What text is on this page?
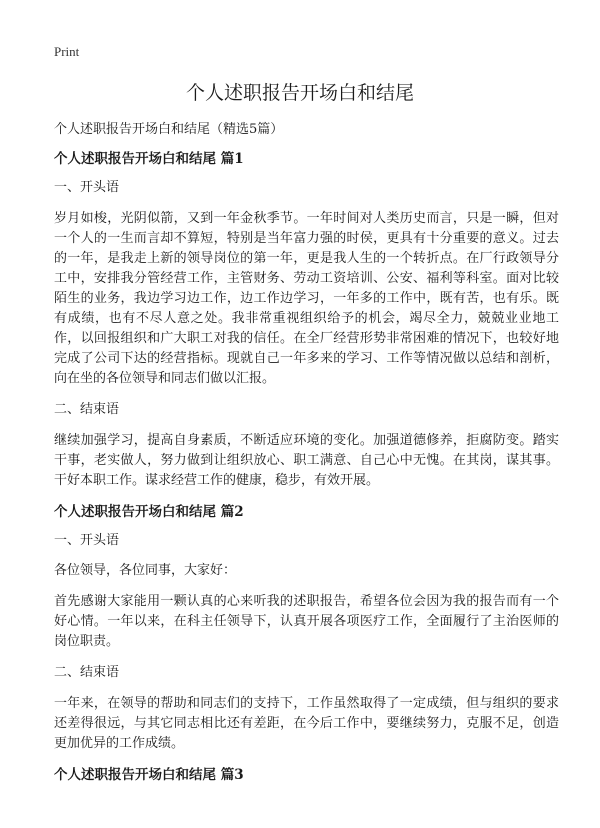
Print
个人述职报告开场白和结尾
个人述职报告开场白和结尾（精选5篇）
个人述职报告开场白和结尾 篇1
一、开头语

岁月如梭，光阴似箭，又到一年金秋季节。一年时间对人类历史而言，只是一瞬，但对一个人的一生而言却不算短，特别是当年富力强的时侯，更具有十分重要的意义。过去的一年，是我走上新的领导岗位的第一年，更是我人生的一个转折点。在厂行政领导分工中，安排我分管经营工作，主管财务、劳动工资培训、公安、福利等科室。面对比较陌生的业务，我边学习边工作，边工作边学习，一年多的工作中，既有苦，也有乐。既有成绩，也有不尽人意之处。我非常重视组织给予的机会，竭尽全力，兢兢业业地工作，以回报组织和广大职工对我的信任。在全厂经营形势非常困难的情况下，也较好地完成了公司下达的经营指标。现就自己一年多来的学习、工作等情况做以总结和剖析，向在坐的各位领导和同志们做以汇报。

二、结束语

继续加强学习，提高自身素质，不断适应环境的变化。加强道德修养，拒腐防变。踏实干事，老实做人，努力做到让组织放心、职工满意、自己心中无愧。在其岗，谋其事。干好本职工作。谋求经营工作的健康，稳步，有效开展。

个人述职报告开场白和结尾 篇2
一、开头语
各位领导，各位同事，大家好：

首先感谢大家能用一颗认真的心来听我的述职报告，希望各位会因为我的报告而有一个好心情。一年以来，在科主任领导下，认真开展各项医疗工作，全面履行了主治医师的岗位职责。

二、结束语

一年来，在领导的帮助和同志们的支持下，工作虽然取得了一定成绩，但与组织的要求还差得很远，与其它同志相比还有差距，在今后工作中，要继续努力，克服不足，创造更加优异的工作成绩。

个人述职报告开场白和结尾 篇3
